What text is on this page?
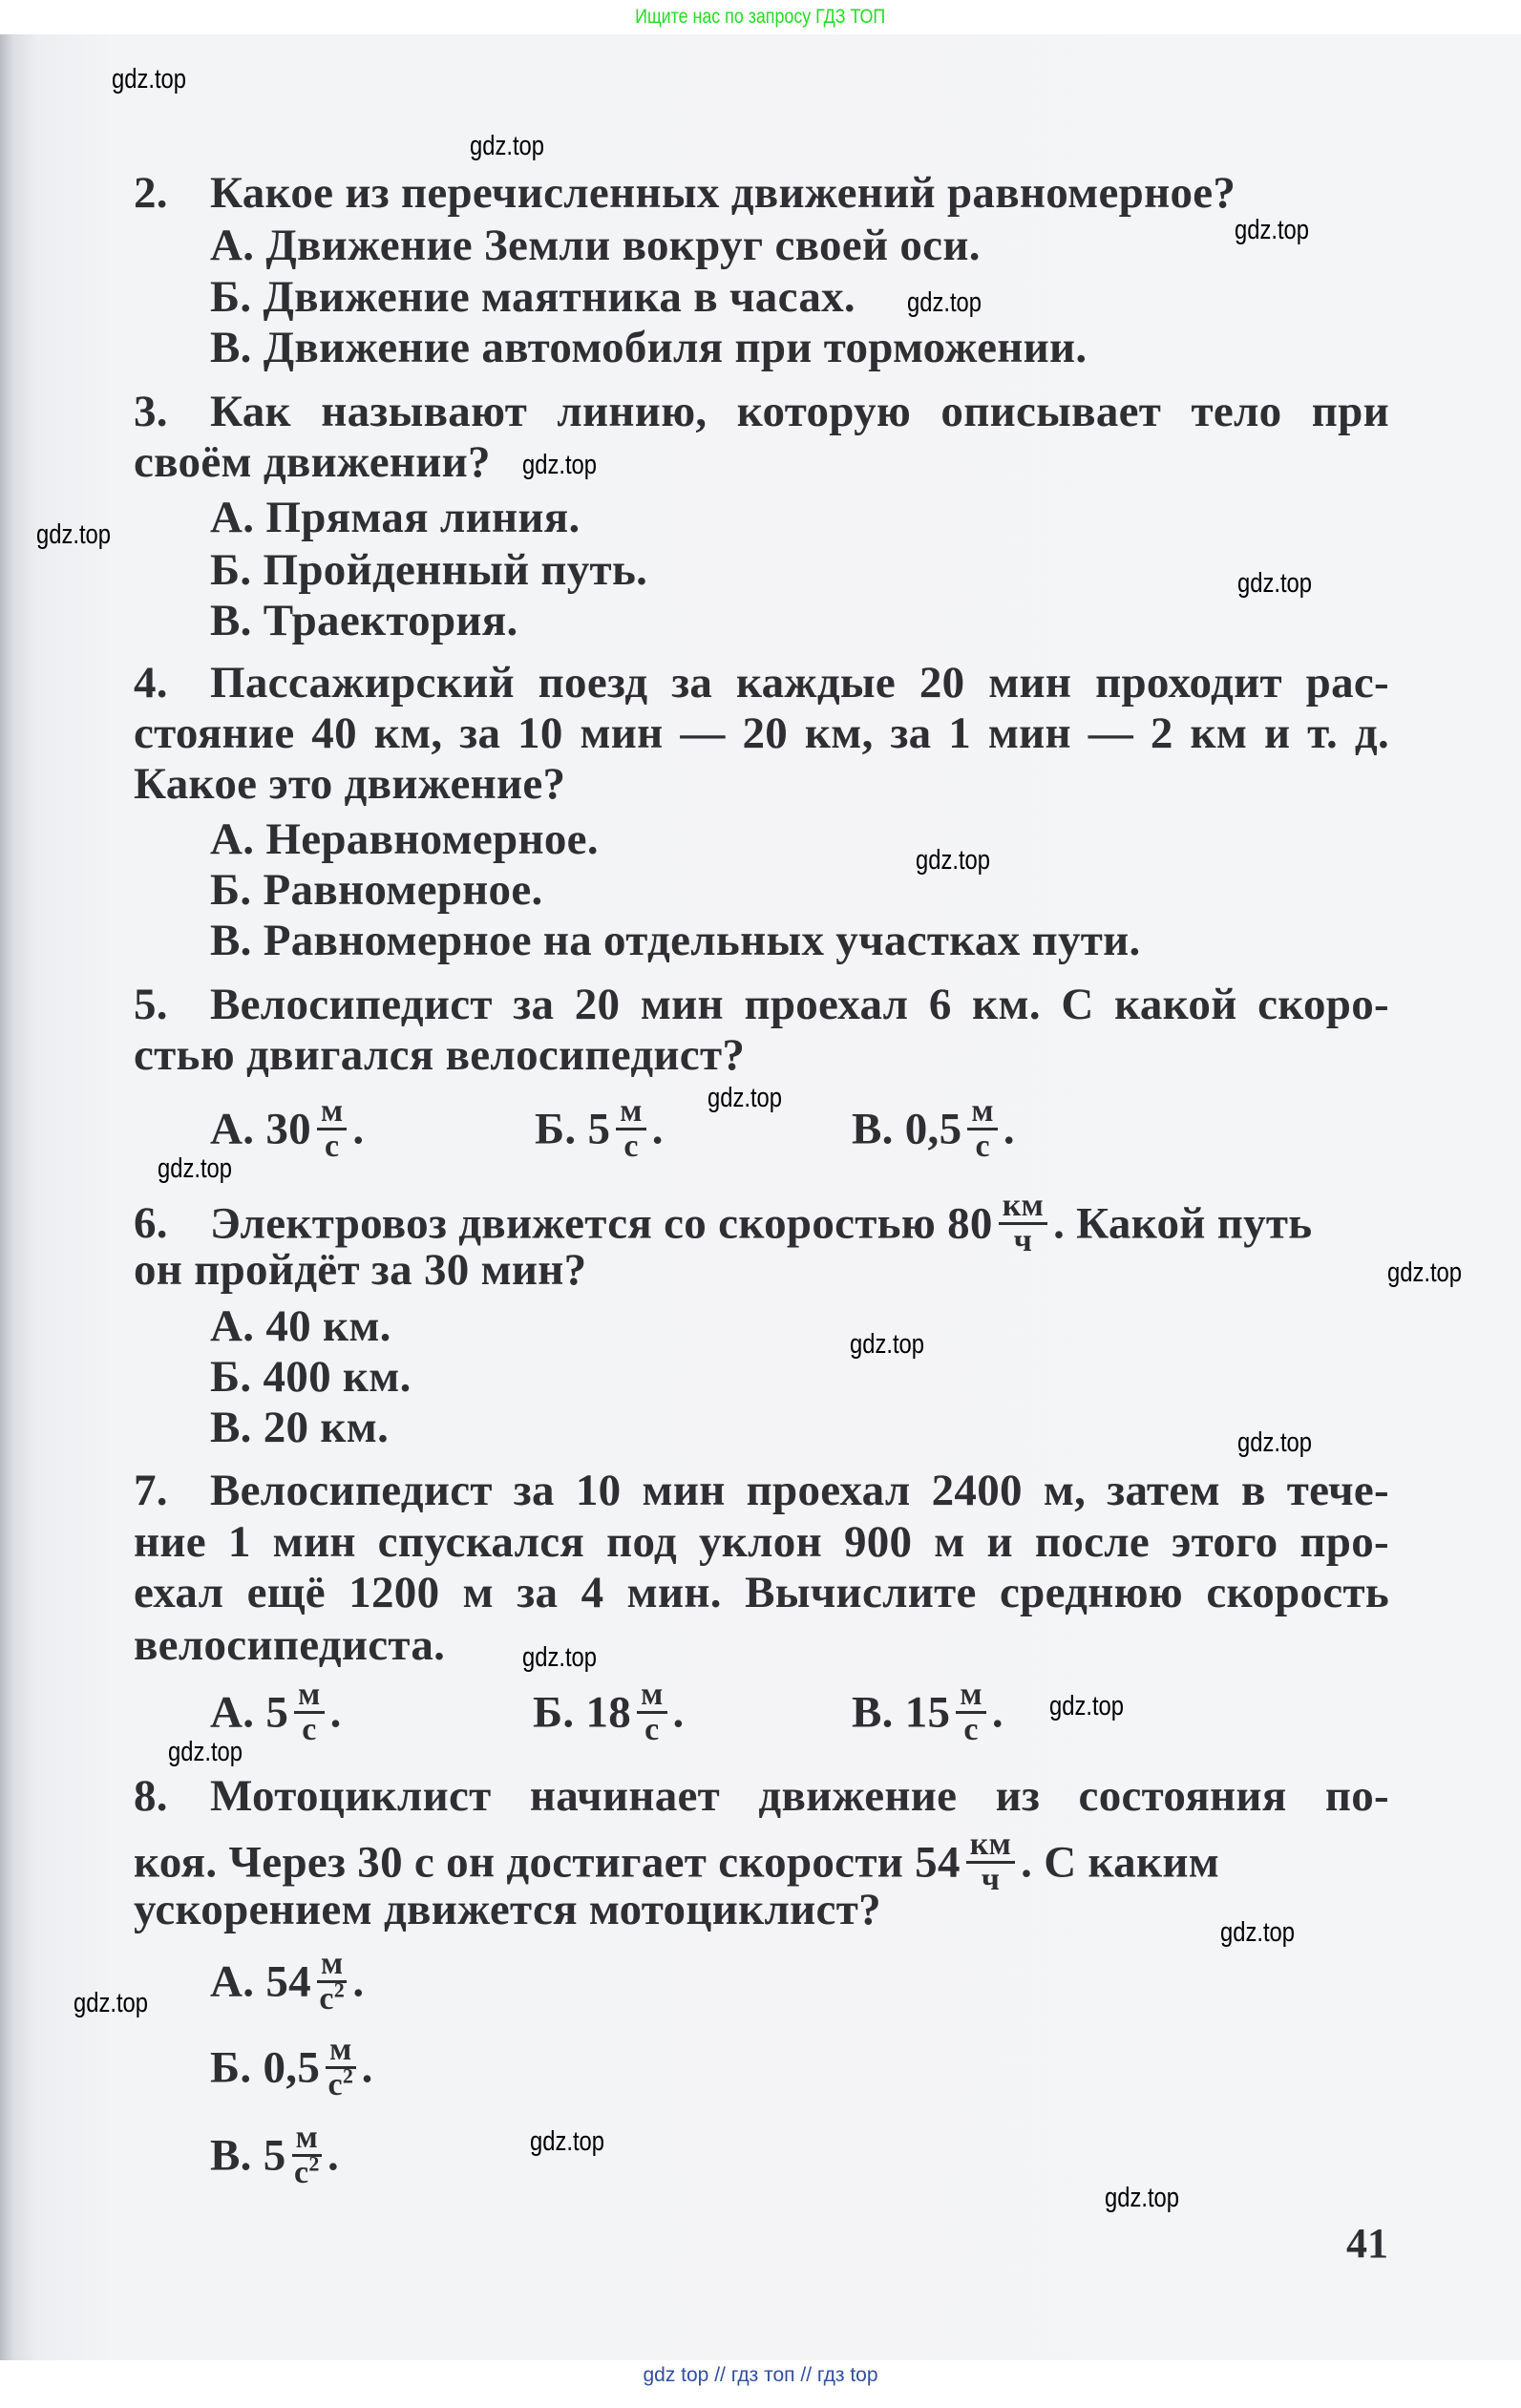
Ищите нас по запросу ГДЗ ТОП
2. Какое из перечисленных движений равномерное?
А. Движение Земли вокруг своей оси.
Б. Движение маятника в часах.
В. Движение автомобиля при торможении.
3. Как называют линию, которую описывает тело при
своём движении?
А. Прямая линия.
Б. Пройденный путь.
В. Траектория.
4. Пассажирский поезд за каждые 20 мин проходит рас-
стояние 40 км, за 10 мин — 20 км, за 1 мин — 2 км и т. д.
Какое это движение?
А. Неравномерное.
Б. Равномерное.
В. Равномерное на отдельных участках пути.
5. Велосипедист за 20 мин проехал 6 км. С какой скоро-
стью двигался велосипедист?
А. $30 \frac{м}{с}$ .	Б. $5 \frac{м}{с}$ .	В. $0,5 \frac{м}{с}$ .
6. Электровоз движется со скоростью $80 \frac{км}{ч}$ . Какой путь
он пройдёт за 30 мин?
А. 40 км.
Б. 400 км.
В. 20 км.
7. Велосипедист за 10 мин проехал 2400 м, затем в тече-
ние 1 мин спускался под уклон 900 м и после этого про-
ехал ещё 1200 м за 4 мин. Вычислите среднюю скорость
велосипедиста.
А. $5 \frac{м}{с}$ .	Б. $18 \frac{м}{с}$ .	В. $15 \frac{м}{с}$ .
8. Мотоциклист начинает движение из состояния по-
коя. Через 30 с он достигает скорости $54 \frac{км}{ч}$ . С каким
ускорением движется мотоциклист?
А. $54 \frac{м}{с^2}$ .
Б. $0,5 \frac{м}{с^2}$ .
В. $5 \frac{м}{с^2}$ .
41
gdz.top
gdz.top
gdz.top
gdz.top
gdz.top
gdz.top
gdz.top
gdz.top
gdz.top
gdz.top
gdz.top
gdz.top
gdz.top
gdz.top
gdz.top
gdz.top
gdz.top
gdz.top
gdz.top
gdz.top
gdz top // гдз топ // гдз top
